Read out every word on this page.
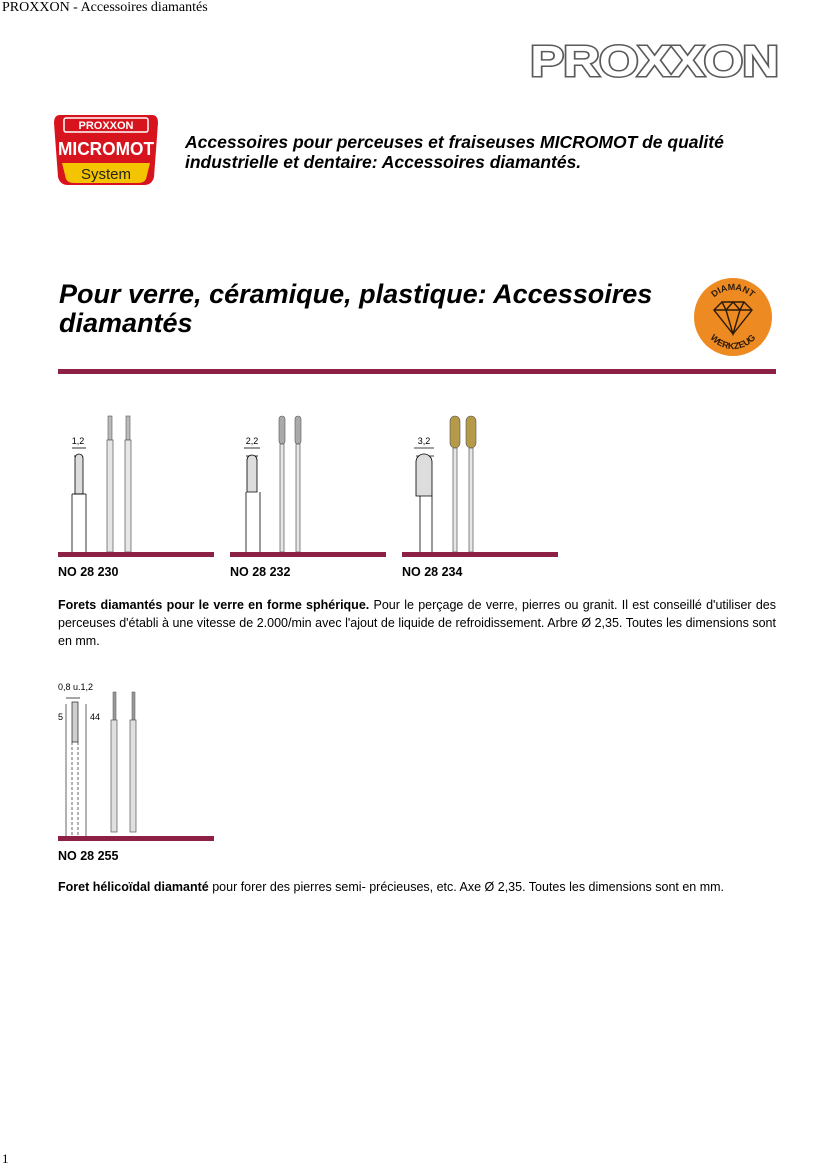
PROXXON - Accessoires diamantés
PROXXON
PROXXON
MICROMOT
System
Accessoires pour perceuses et fraiseuses MICROMOT de qualité industrielle et dentaire: Accessoires diamantés.
Pour verre, céramique, plastique: Accessoires diamantés
DIAMANT
WERKZEUG
1,2
NO 28 230
2,2
NO 28 232
3,2
NO 28 234
Forets diamantés pour le verre en forme sphérique. Pour le perçage de verre, pierres ou granit. Il est conseillé d'utiliser des perceuses d'établi à une vitesse de 2.000/min avec l'ajout de liquide de refroidissement. Arbre Ø 2,35. Toutes les dimensions sont en mm.
0,8 u.1,2
5	44
NO 28 255
Foret hélicoïdal diamanté pour forer des pierres semi- précieuses, etc. Axe Ø 2,35. Toutes les dimensions sont en mm.
1
